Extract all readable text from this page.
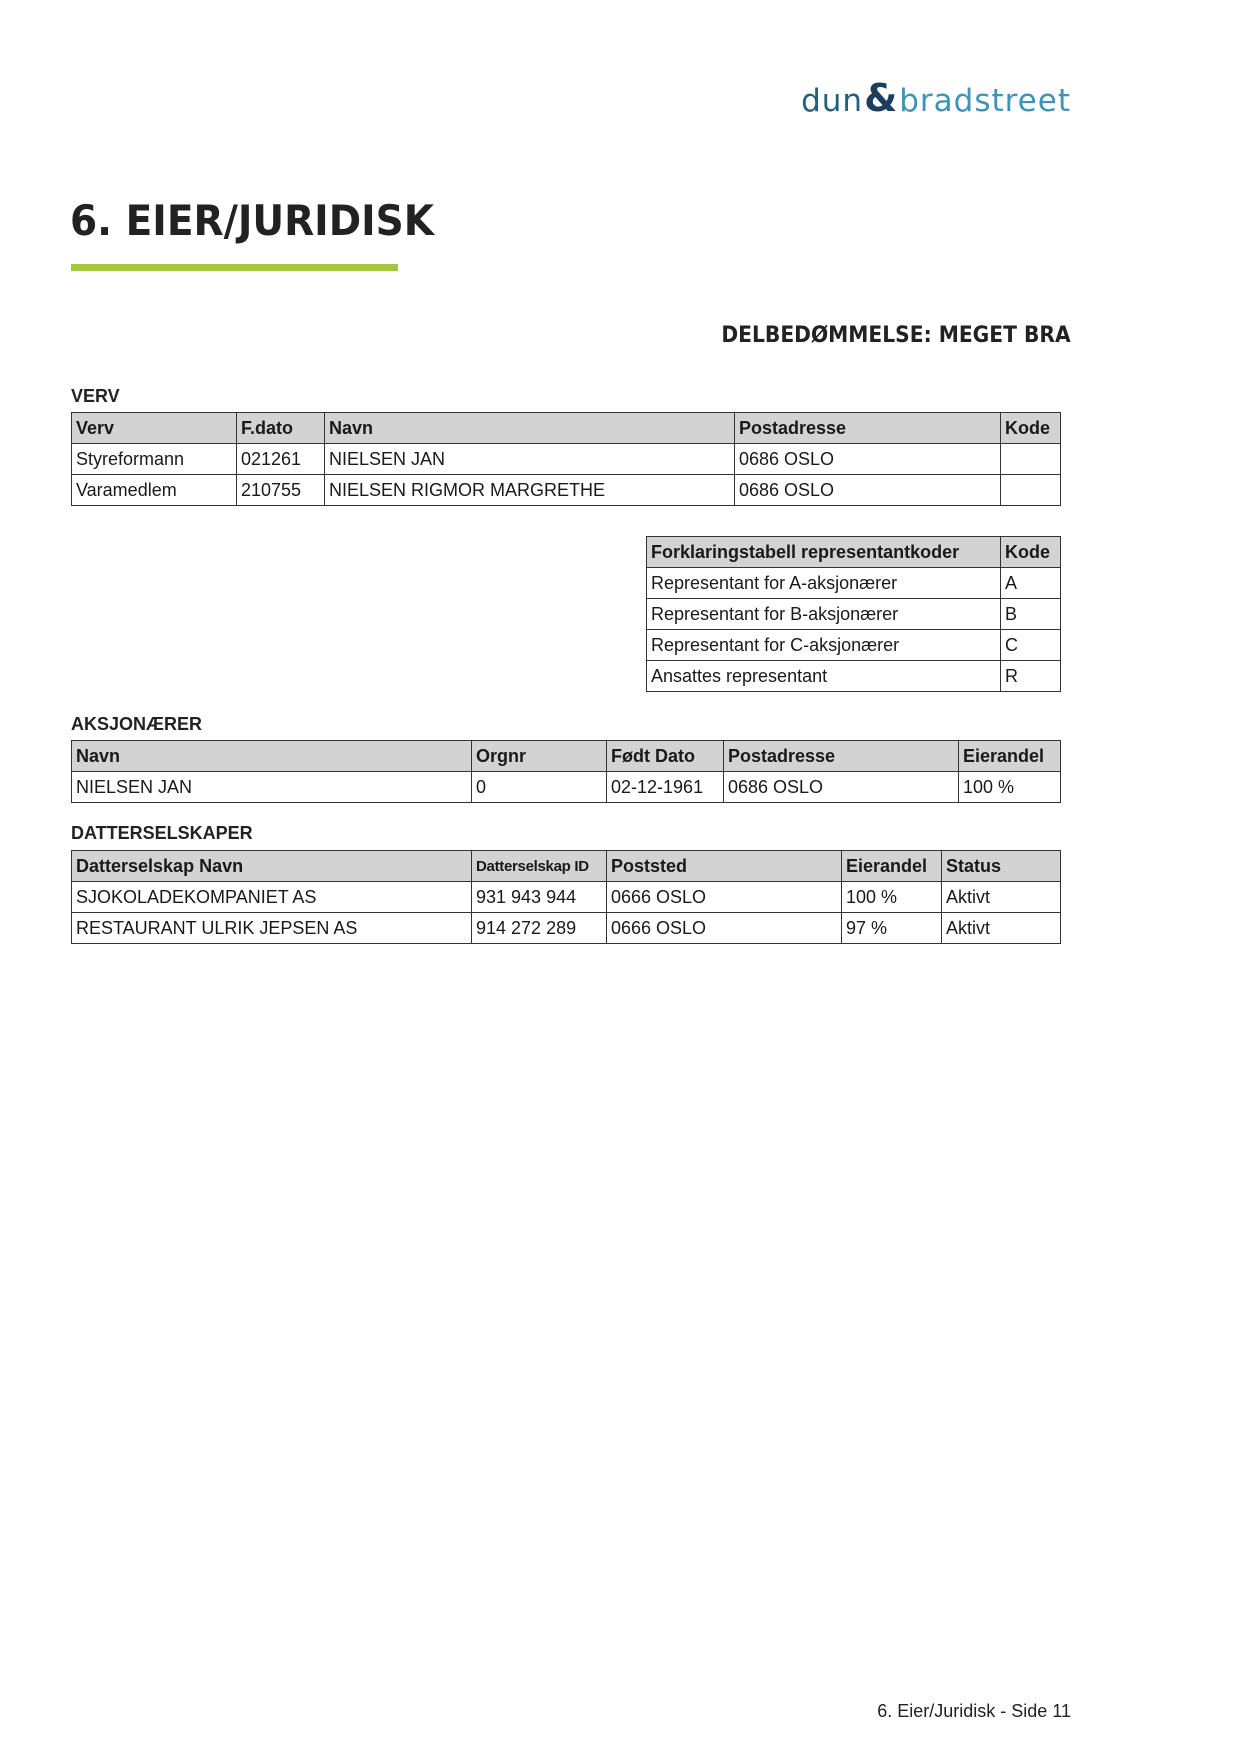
dun&bradstreet
6. EIER/JURIDISK
DELBEDØMMELSE: MEGET BRA
VERV
Verv	F.dato	Navn	Postadresse	Kode
Styreformann	021261	NIELSEN JAN	0686 OSLO	
Varamedlem	210755	NIELSEN RIGMOR MARGRETHE	0686 OSLO	
Forklaringstabell representantkoder	Kode
Representant for A-aksjonærer	A
Representant for B-aksjonærer	B
Representant for C-aksjonærer	C
Ansattes representant	R
AKSJONÆRER
Navn	Orgnr	Født Dato	Postadresse	Eierandel
NIELSEN JAN	0	02-12-1961	0686 OSLO	100 %
DATTERSELSKAPER
Datterselskap Navn	Datterselskap ID	Poststed	Eierandel	Status
SJOKOLADEKOMPANIET AS	931 943 944	0666 OSLO	100 %	Aktivt
RESTAURANT ULRIK JEPSEN AS	914 272 289	0666 OSLO	97 %	Aktivt
6. Eier/Juridisk - Side 11
